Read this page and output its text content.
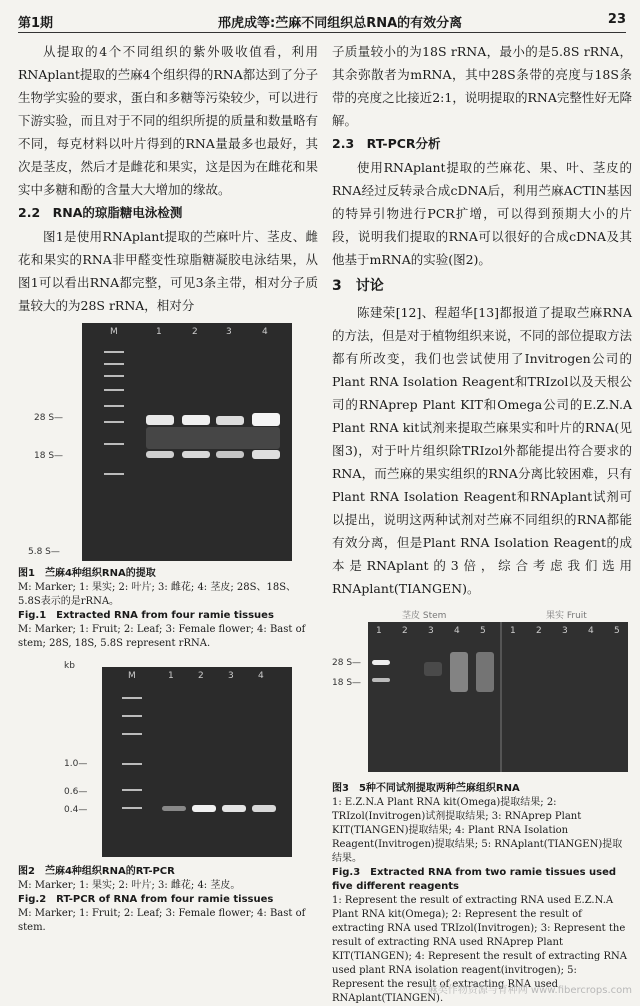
第1期	邢虎成等:苎麻不同组织总RNA的有效分离	23

从提取的4个不同组织的紫外吸收值看，利用RNAplant提取的苎麻4个组织得的RNA都达到了分子生物学实验的要求，蛋白和多糖等污染较少，可以进行下游实验，而且对于不同的组织所提的质量和数量略有不同，每克材料以叶片得到的RNA量最多也最好，其次是茎皮，然后才是雌花和果实，这是因为在雌花和果实中多糖和酚的含量大大增加的缘故。

2.2　RNA的琼脂糖电泳检测

图1是使用RNAplant提取的苎麻叶片、茎皮、雌花和果实的RNA非甲醛变性琼脂糖凝胶电泳结果，从图1可以看出RNA都完整，可见3条主带，相对分子质量较大的为28S rRNA，相对分

28 S—
18 S—
5.8 S—
M	1	2	3	4
图1　苎麻4种组织RNA的提取
M: Marker; 1: 果实; 2: 叶片; 3: 雌花; 4: 茎皮; 28S、18S、5.8S表示的是rRNA。
Fig.1　Extracted RNA from four ramie tissues
M: Marker; 1: Fruit; 2: Leaf; 3: Female flower; 4: Bast of stem; 28S, 18S, 5.8S represent rRNA.
kb
1.0—
0.6—
0.4—
M	1	2	3	4
图2　苎麻4种组织RNA的RT-PCR
M: Marker; 1: 果实; 2: 叶片; 3: 雌花; 4: 茎皮。
Fig.2　RT-PCR of RNA from four ramie tissues
M: Marker; 1: Fruit; 2: Leaf; 3: Female flower; 4: Bast of stem.

子质量较小的为18S rRNA，最小的是5.8S rRNA，其余弥散者为mRNA，其中28S条带的亮度与18S条带的亮度之比接近2:1，说明提取的RNA完整性好无降解。

2.3　RT-PCR分析

使用RNAplant提取的苎麻花、果、叶、茎皮的RNA经过反转录合成cDNA后，利用苎麻ACTIN基因的特异引物进行PCR扩增，可以得到预期大小的片段，说明我们提取的RNA可以很好的合成cDNA及其他基于mRNA的实验(图2)。

3　讨论

陈建荣[12]、程超华[13]都报道了提取苎麻RNA的方法，但是对于植物组织来说，不同的部位提取方法都有所改变，我们也尝试使用了Invitrogen公司的Plant RNA Isolation Reagent和TRIzol以及天根公司的RNAprep Plant KIT和Omega公司的E.Z.N.A Plant RNA kit试剂来提取苎麻果实和叶片的RNA(见图3)，对于叶片组织除TRIzol外都能提出符合要求的RNA，而苎麻的果实组织的RNA分离比较困难，只有Plant RNA Isolation Reagent和RNAplant试剂可以提出，说明这两种试剂对苎麻不同组织的RNA都能有效分离，但是Plant RNA Isolation Reagent的成本是RNAplant的3倍，综合考虑我们选用RNAplant(TIANGEN)。

28 S—
18 S—
茎皮 Stem	果实 Fruit
1 2 3 4 5	1 2 3 4 5
图3　5种不同试剂提取两种苎麻组织RNA
1: E.Z.N.A Plant RNA kit(Omega)提取结果; 2: TRIzol(Invitrogen)试剂提取结果; 3: RNAprep Plant KIT(TIANGEN)提取结果; 4: Plant RNA Isolation Reagent(Invitrogen)提取结果; 5: RNAplant(TIANGEN)提取结果。
Fig.3　Extracted RNA from two ramie tissues used five different reagents
1: Represent the result of extracting RNA used E.Z.N.A Plant RNA kit(Omega); 2: Represent the result of extracting RNA used TRIzol(Invitrogen); 3: Represent the result of extracting RNA used RNAprep Plant KIT(TIANGEN); 4: Represent the result of extracting RNA used plant RNA isolation reagent(invitrogen); 5: Represent the result of extracting RNA used RNAplant(TIANGEN).
麻类作物资源与育种网 www.fibercrops.com
